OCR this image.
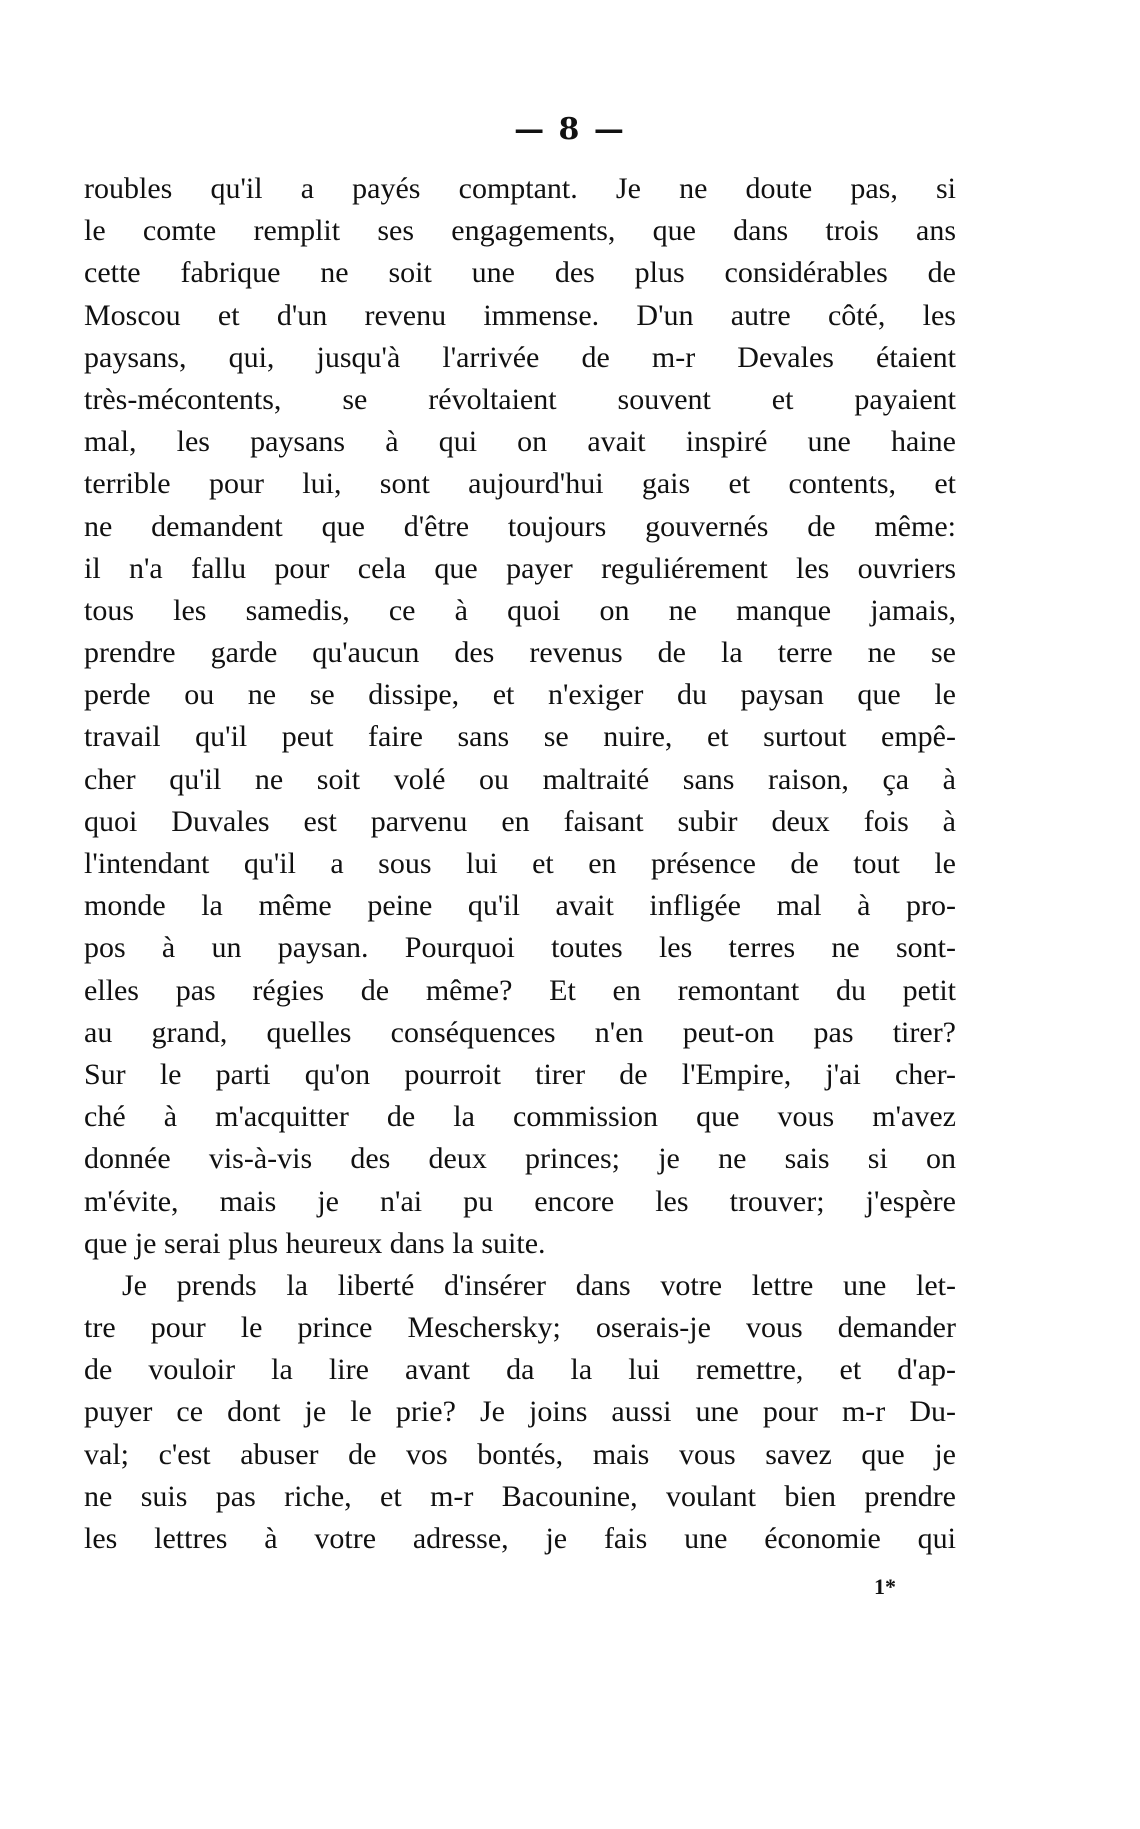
— 8 —
roubles qu'il a payés comptant. Je ne doute pas, si
le comte remplit ses engagements, que dans trois ans
cette fabrique ne soit une des plus considérables de
Moscou et d'un revenu immense. D'un autre côté, les
paysans, qui, jusqu'à l'arrivée de m-r Devales étaient
très-mécontents, se révoltaient souvent et payaient
mal, les paysans à qui on avait inspiré une haine
terrible pour lui, sont aujourd'hui gais et contents, et
ne demandent que d'être toujours gouvernés de même:
il n'a fallu pour cela que payer reguliérement les ouvriers
tous les samedis, ce à quoi on ne manque jamais,
prendre garde qu'aucun des revenus de la terre ne se
perde ou ne se dissipe, et n'exiger du paysan que le
travail qu'il peut faire sans se nuire, et surtout empê-
cher qu'il ne soit volé ou maltraité sans raison, ça à
quoi Duvales est parvenu en faisant subir deux fois à
l'intendant qu'il a sous lui et en présence de tout le
monde la même peine qu'il avait infligée mal à pro-
pos à un paysan. Pourquoi toutes les terres ne sont-
elles pas régies de même? Et en remontant du petit
au grand, quelles conséquences n'en peut-on pas tirer?
Sur le parti qu'on pourroit tirer de l'Empire, j'ai cher-
ché à m'acquitter de la commission que vous m'avez
donnée vis-à-vis des deux princes; je ne sais si on
m'évite, mais je n'ai pu encore les trouver; j'espère
que je serai plus heureux dans la suite.
Je prends la liberté d'insérer dans votre lettre une let-
tre pour le prince Meschersky; oserais-je vous demander
de vouloir la lire avant da la lui remettre, et d'ap-
puyer ce dont je le prie? Je joins aussi une pour m-r Du-
val; c'est abuser de vos bontés, mais vous savez que je
ne suis pas riche, et m-r Bacounine, voulant bien prendre
les lettres à votre adresse, je fais une économie qui
1*
